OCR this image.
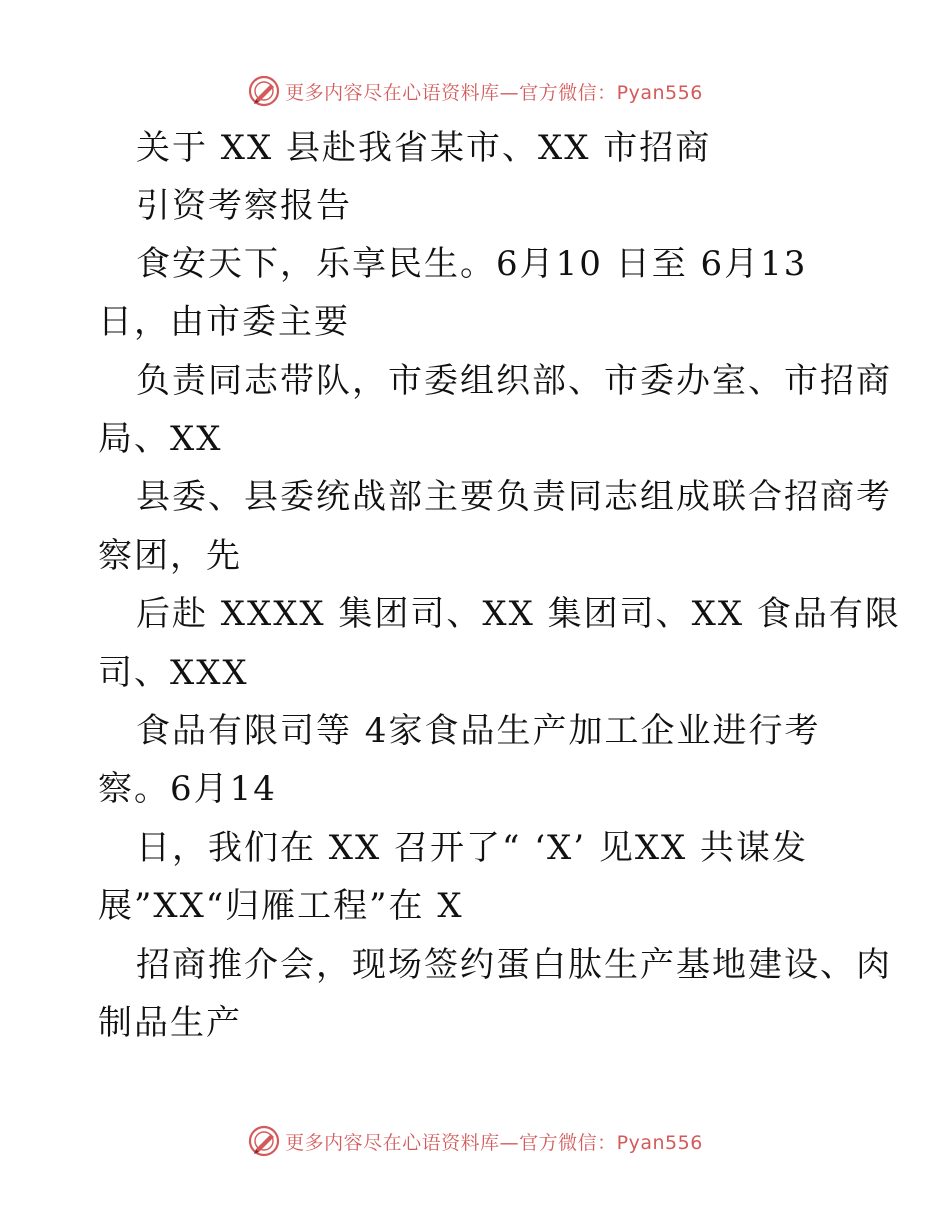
更多内容尽在心语资料库—官方微信：Pyan556
关于 XX 县赴我省某市、XX 市招商
引资考察报告
食安天下，乐享民生。6月10 日至 6月13
日，由市委主要
负责同志带队，市委组织部、市委办室、市招商
局、XX
县委、县委统战部主要负责同志组成联合招商考
察团，先
后赴 XXXX 集团司、XX 集团司、XX 食品有限
司、XXX
食品有限司等 4家食品生产加工企业进行考
察。6月14
日，我们在 XX 召开了“ ‘X’ 见XX 共谋发
展”XX“归雁工程”在 X
招商推介会，现场签约蛋白肽生产基地建设、肉
制品生产
更多内容尽在心语资料库—官方微信：Pyan556
